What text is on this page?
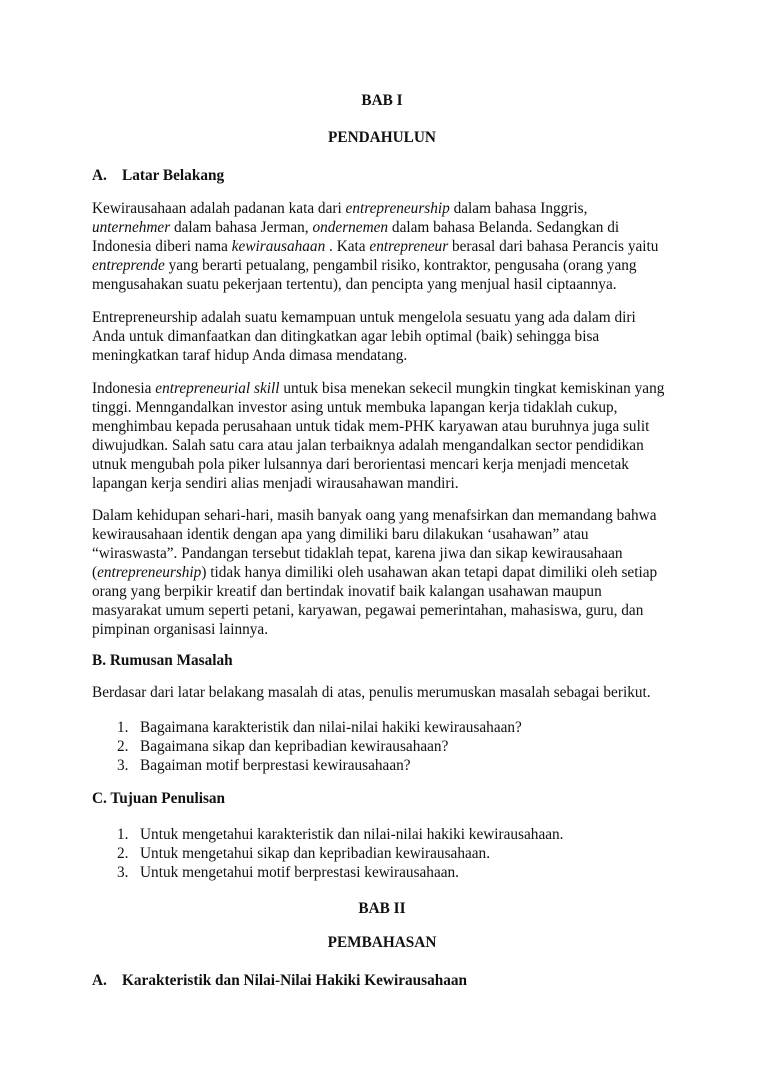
BAB I
PENDAHULUN
A. Latar Belakang
Kewirausahaan adalah padanan kata dari entrepreneurship dalam bahasa Inggris,
unternehmer dalam bahasa Jerman, ondernemen dalam bahasa Belanda. Sedangkan di
Indonesia diberi nama kewirausahaan . Kata entrepreneur berasal dari bahasa Perancis yaitu
entreprende yang berarti petualang, pengambil risiko, kontraktor, pengusaha (orang yang
mengusahakan suatu pekerjaan tertentu), dan pencipta yang menjual hasil ciptaannya.
Entrepreneurship adalah suatu kemampuan untuk mengelola sesuatu yang ada dalam diri
Anda untuk dimanfaatkan dan ditingkatkan agar lebih optimal (baik) sehingga bisa
meningkatkan taraf hidup Anda dimasa mendatang.
Indonesia entrepreneurial skill untuk bisa menekan sekecil mungkin tingkat kemiskinan yang
tinggi. Menngandalkan investor asing untuk membuka lapangan kerja tidaklah cukup,
menghimbau kepada perusahaan untuk tidak mem-PHK karyawan atau buruhnya juga sulit
diwujudkan. Salah satu cara atau jalan terbaiknya adalah mengandalkan sector pendidikan
utnuk mengubah pola piker lulsannya dari berorientasi mencari kerja menjadi mencetak
lapangan kerja sendiri alias menjadi wirausahawan mandiri.
Dalam kehidupan sehari-hari, masih banyak oang yang menafsirkan dan memandang bahwa
kewirausahaan identik dengan apa yang dimiliki baru dilakukan ‘usahawan” atau
“wiraswasta”. Pandangan tersebut tidaklah tepat, karena jiwa dan sikap kewirausahaan
(entrepreneurship) tidak hanya dimiliki oleh usahawan akan tetapi dapat dimiliki oleh setiap
orang yang berpikir kreatif dan bertindak inovatif baik kalangan usahawan maupun
masyarakat umum seperti petani, karyawan, pegawai pemerintahan, mahasiswa, guru, dan
pimpinan organisasi lainnya.
B. Rumusan Masalah
Berdasar dari latar belakang masalah di atas, penulis merumuskan masalah sebagai berikut.
1. Bagaimana karakteristik dan nilai-nilai hakiki kewirausahaan?
2. Bagaimana sikap dan kepribadian kewirausahaan?
3. Bagaiman motif berprestasi kewirausahaan?
C. Tujuan Penulisan
1. Untuk mengetahui karakteristik dan nilai-nilai hakiki kewirausahaan.
2. Untuk mengetahui sikap dan kepribadian kewirausahaan.
3. Untuk mengetahui motif berprestasi kewirausahaan.
BAB II
PEMBAHASAN
A. Karakteristik dan Nilai-Nilai Hakiki Kewirausahaan
